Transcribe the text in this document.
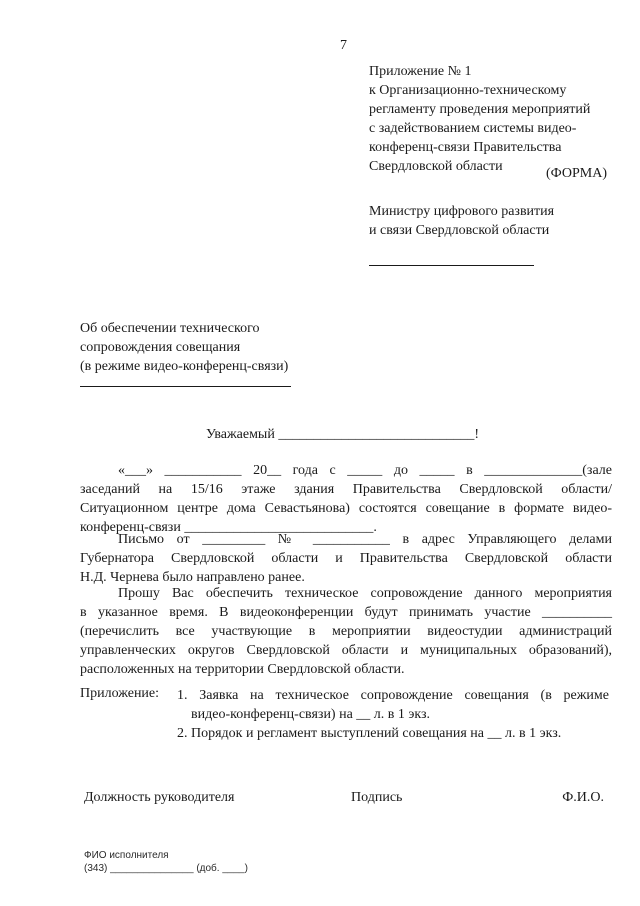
7
Приложение № 1
к Организационно-техническому
регламенту проведения мероприятий
с задействованием системы видео-
конференц-связи Правительства
Свердловской области	(ФОРМА)
Министру цифрового развития
и связи Свердловской области
Об обеспечении технического
сопровождения совещания
(в режиме видео-конференц-связи)
Уважаемый ____________________________!
«___» ___________ 20__ года с _____ до _____ в ______________(зале
заседаний на 15/16 этаже здания Правительства Свердловской области/
Ситуационном центре дома Севастьянова) состоятся совещание в формате видео-
конференц-связи ___________________________.
Письмо от _________ № ___________ в адрес Управляющего делами
Губернатора Свердловской области и Правительства Свердловской области
Н.Д. Чернева было направлено ранее.
Прошу Вас обеспечить техническое сопровождение данного мероприятия
в указанное время. В видеоконференции будут принимать участие __________
(перечислить все участвующие в мероприятии видеостудии администраций
управленческих округов Свердловской области и муниципальных образований),
расположенных на территории Свердловской области.
Приложение: 1. Заявка на техническое сопровождение совещания (в режиме
видео-конференц-связи) на __ л. в 1 экз.
2. Порядок и регламент выступлений совещания на __ л. в 1 экз.
Должность руководителя	Подпись	Ф.И.О.
ФИО исполнителя
(343) _______________ (доб. ____)
